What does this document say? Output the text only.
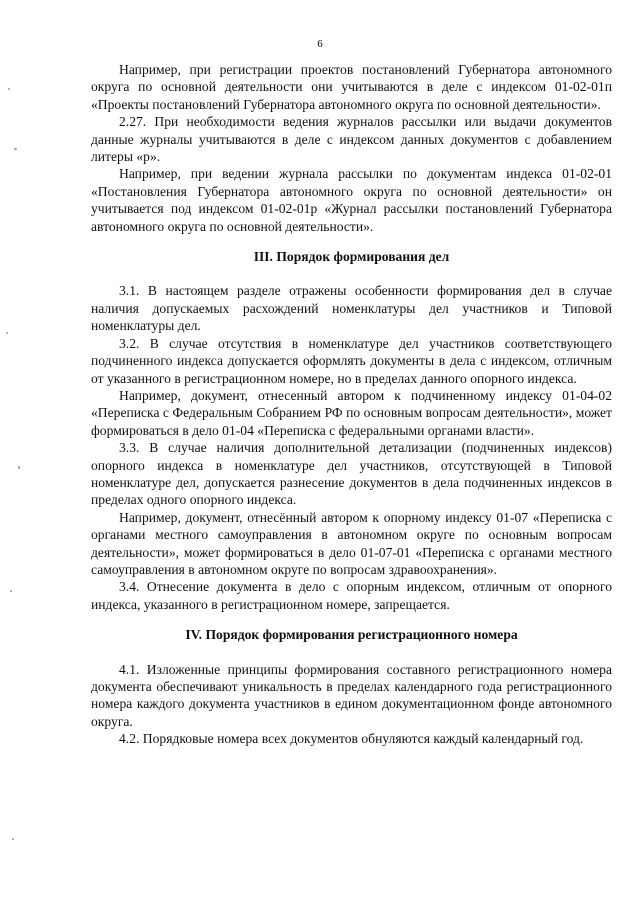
6

Например, при регистрации проектов постановлений Губернатора автономного округа по основной деятельности они учитываются в деле с индексом 01-02-01п «Проекты постановлений Губернатора автономного округа по основной деятельности».

2.27. При необходимости ведения журналов рассылки или выдачи документов данные журналы учитываются в деле с индексом данных документов с добавлением литеры «р».

Например, при ведении журнала рассылки по документам индекса 01-02-01 «Постановления Губернатора автономного округа по основной деятельности» он учитывается под индексом 01-02-01р «Журнал рассылки постановлений Губернатора автономного округа по основной деятельности».

III. Порядок формирования дел

3.1. В настоящем разделе отражены особенности формирования дел в случае наличия допускаемых расхождений номенклатуры дел участников и Типовой номенклатуры дел.

3.2. В случае отсутствия в номенклатуре дел участников соответствующего подчиненного индекса допускается оформлять документы в дела с индексом, отличным от указанного в регистрационном номере, но в пределах данного опорного индекса.

Например, документ, отнесенный автором к подчиненному индексу 01-04-02 «Переписка с Федеральным Собранием РФ по основным вопросам деятельности», может формироваться в дело 01-04 «Переписка с федеральными органами власти».

3.3. В случае наличия дополнительной детализации (подчиненных индексов) опорного индекса в номенклатуре дел участников, отсутствующей в Типовой номенклатуре дел, допускается разнесение документов в дела подчиненных индексов в пределах одного опорного индекса.

Например, документ, отнесённый автором к опорному индексу 01-07 «Переписка с органами местного самоуправления в автономном округе по основным вопросам деятельности», может формироваться в дело 01-07-01 «Переписка с органами местного самоуправления в автономном округе по вопросам здравоохранения».

3.4. Отнесение документа в дело с опорным индексом, отличным от опорного индекса, указанного в регистрационном номере, запрещается.

IV. Порядок формирования регистрационного номера

4.1. Изложенные принципы формирования составного регистрационного номера документа обеспечивают уникальность в пределах календарного года регистрационного номера каждого документа участников в едином документационном фонде автономного округа.

4.2. Порядковые номера всех документов обнуляются каждый календарный год.
